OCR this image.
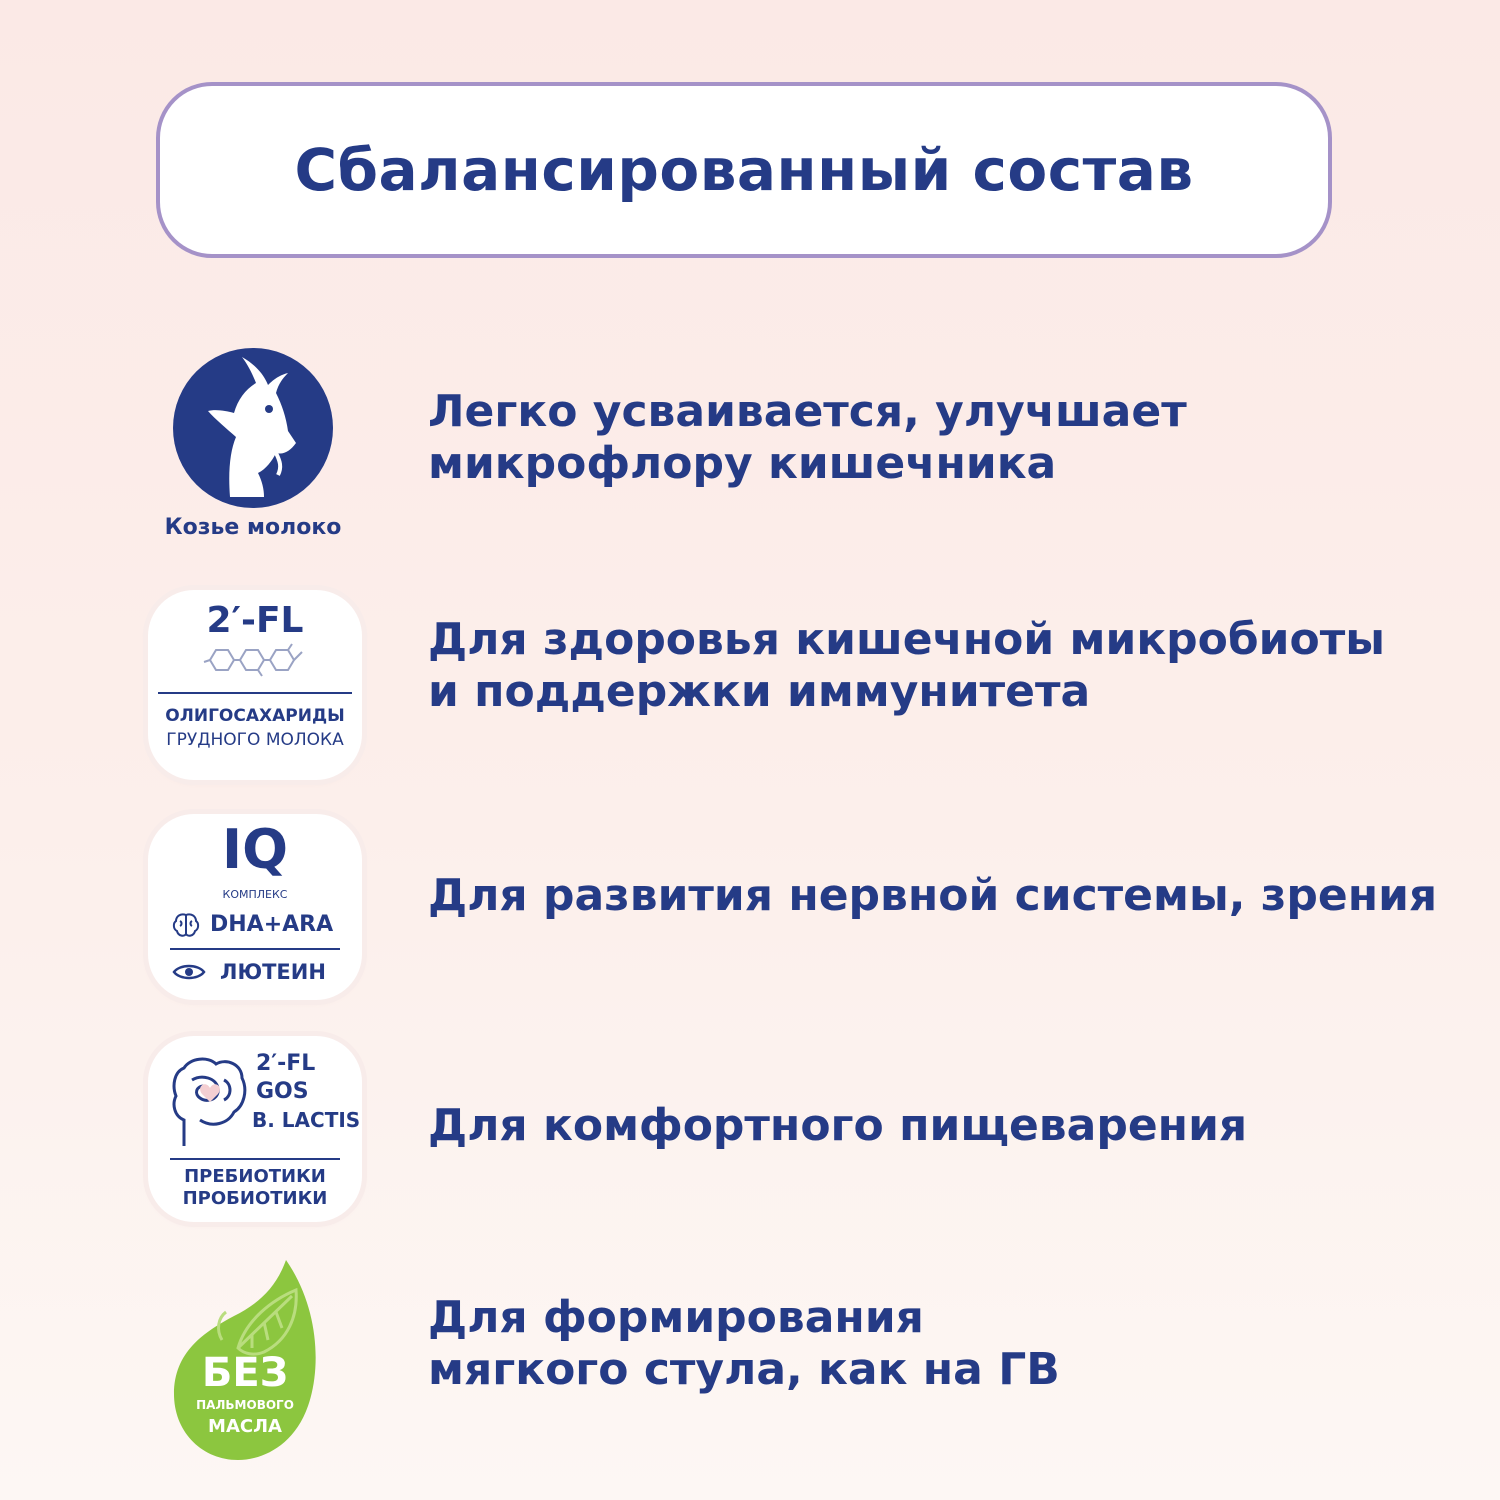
Сбалансированный состав
Козье молоко
Легко усваивается, улучшает
микрофлору кишечника
2′-FL
ОЛИГОСАХАРИДЫ
ГРУДНОГО МОЛОКА
Для здоровья кишечной микробиоты
и поддержки иммунитета
IQ
КОМПЛЕКС
DHA+ARA
ЛЮТЕИН
Для развития нервной системы, зрения
2′-FL
GOS
B. LACTIS
ПРЕБИОТИКИ
ПРОБИОТИКИ
Для комфортного пищеварения
БЕЗ
ПАЛЬМОВОГО
МАСЛА
Для формирования
мягкого стула, как на ГВ
